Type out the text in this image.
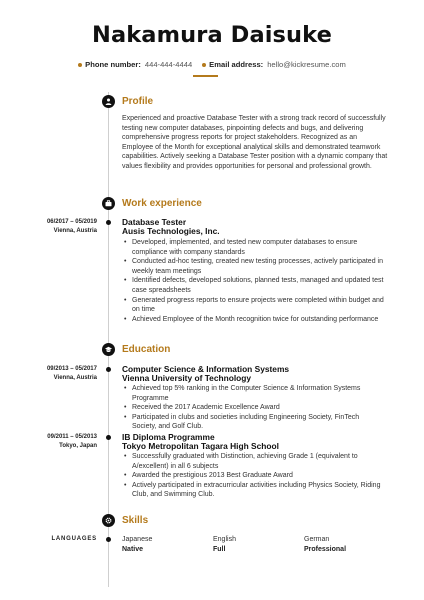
Nakamura Daisuke
Phone number: 444-444-4444 Email address: hello@kickresume.com
Profile
Experienced and proactive Database Tester with a strong track record of successfully testing new computer databases, pinpointing defects and bugs, and delivering comprehensive progress reports for project stakeholders. Recognized as an Employee of the Month for exceptional analytical skills and demonstrated teamwork capabilities. Actively seeking a Database Tester position with a dynamic company that values flexibility and provides opportunities for personal and professional growth.
Work experience
06/2017 – 05/2019
Vienna, Austria
Database Tester
Ausis Technologies, Inc.
• Developed, implemented, and tested new computer databases to ensure compliance with company standards
• Conducted ad-hoc testing, created new testing processes, actively participated in weekly team meetings
• Identified defects, developed solutions, planned tests, managed and updated test case spreadsheets
• Generated progress reports to ensure projects were completed within budget and on time
• Achieved Employee of the Month recognition twice for outstanding performance
Education
09/2013 – 05/2017
Vienna, Austria
Computer Science & Information Systems
Vienna University of Technology
• Achieved top 5% ranking in the Computer Science & Information Systems Programme
• Received the 2017 Academic Excellence Award
• Participated in clubs and societies including Engineering Society, FinTech Society, and Golf Club.
09/2011 – 05/2013
Tokyo, Japan
IB Diploma Programme
Tokyo Metropolitan Tagara High School
• Successfully graduated with Distinction, achieving Grade 1 (equivalent to A/excellent) in all 6 subjects
• Awarded the prestigious 2013 Best Graduate Award
• Actively participated in extracurricular activities including Physics Society, Riding Club, and Swimming Club.
Skills
LANGUAGES	Japanese
Native
English
Full
German
Professional
